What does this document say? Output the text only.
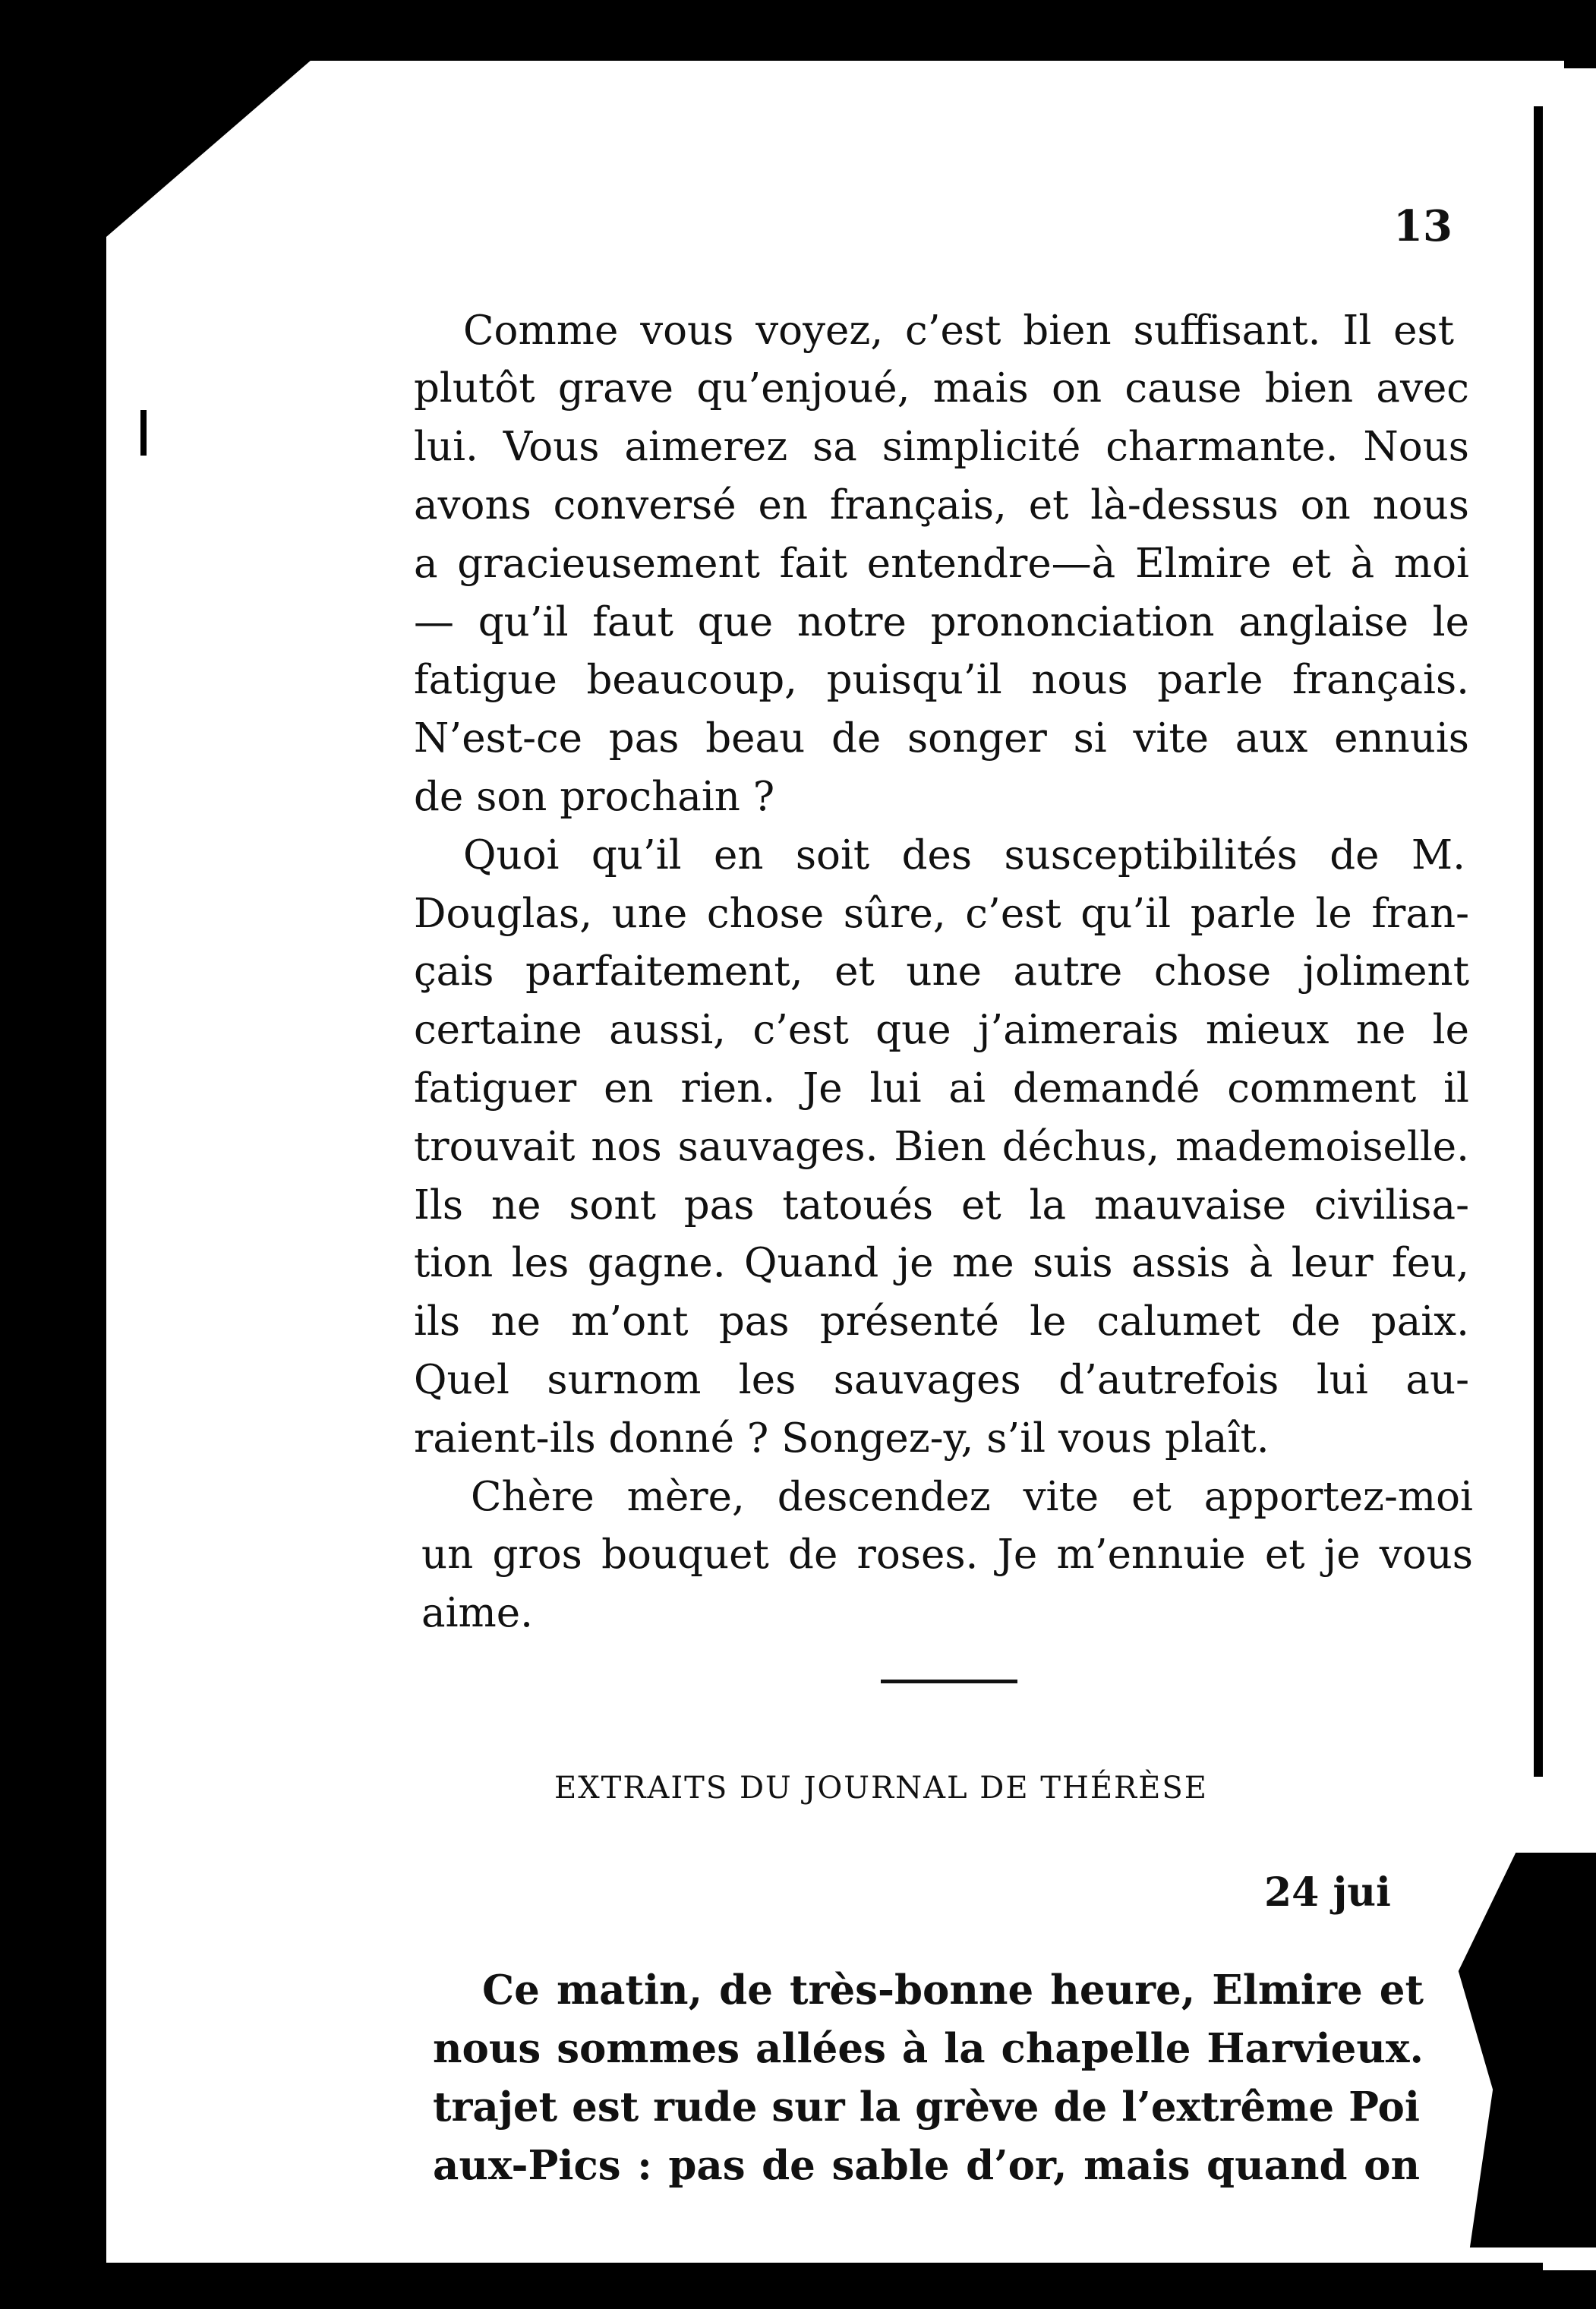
13
Comme vous voyez, c’est bien suffisant. Il est
plutôt grave qu’enjoué, mais on cause bien avec
lui. Vous aimerez sa simplicité charmante. Nous
avons conversé en français, et là-dessus on nous
a gracieusement fait entendre—à Elmire et à moi
— qu’il faut que notre prononciation anglaise le
fatigue beaucoup, puisqu’il nous parle français.
N’est-ce pas beau de songer si vite aux ennuis
de son prochain ?
Quoi qu’il en soit des susceptibilités de M.
Douglas, une chose sûre, c’est qu’il parle le fran-
çais parfaitement, et une autre chose joliment
certaine aussi, c’est que j’aimerais mieux ne le
fatiguer en rien. Je lui ai demandé comment il
trouvait nos sauvages. Bien déchus, mademoiselle.
Ils ne sont pas tatoués et la mauvaise civilisa-
tion les gagne. Quand je me suis assis à leur feu,
ils ne m’ont pas présenté le calumet de paix.
Quel surnom les sauvages d’autrefois lui au-
raient-ils donné ? Songez-y, s’il vous plaît.
Chère mère, descendez vite et apportez-moi
un gros bouquet de roses. Je m’ennuie et je vous
aime.
EXTRAITS DU JOURNAL DE THÉRÈSE
24 jui
Ce matin, de très-bonne heure, Elmire et
nous sommes allées à la chapelle Harvieux.
trajet est rude sur la grève de l’extrême Poi
aux-Pics : pas de sable d’or, mais quand on
